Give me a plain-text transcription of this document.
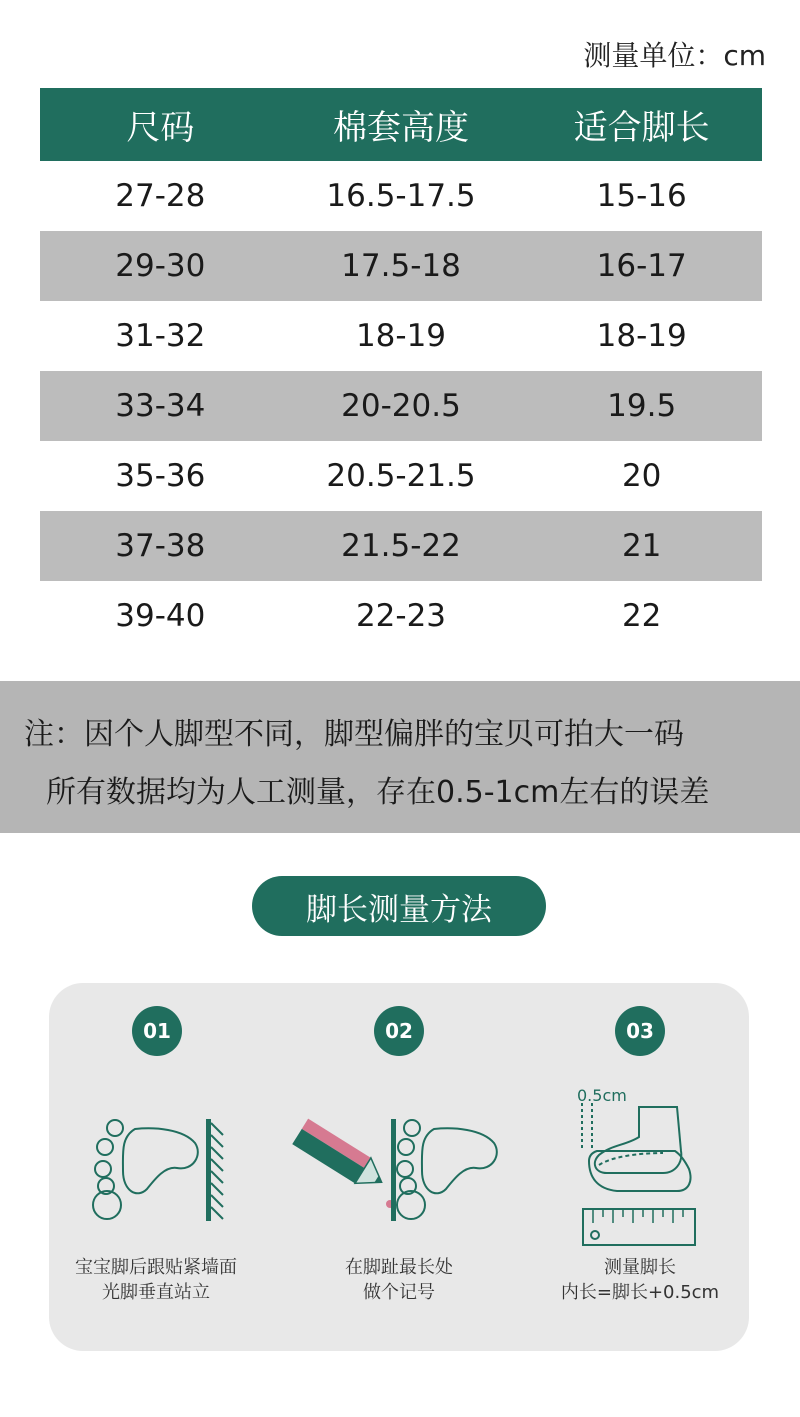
测量单位：cm
尺码	棉套高度	适合脚长
27-28	16.5-17.5	15-16
29-30	17.5-18	16-17
31-32	18-19	18-19
33-34	20-20.5	19.5
35-36	20.5-21.5	20
37-38	21.5-22	21
39-40	22-23	22
注：因个人脚型不同，脚型偏胖的宝贝可拍大一码
所有数据均为人工测量，存在0.5-1cm左右的误差
脚长测量方法
01
宝宝脚后跟贴紧墙面
光脚垂直站立
02
在脚趾最长处
做个记号
03
0.5cm
测量脚长
内长=脚长+0.5cm
